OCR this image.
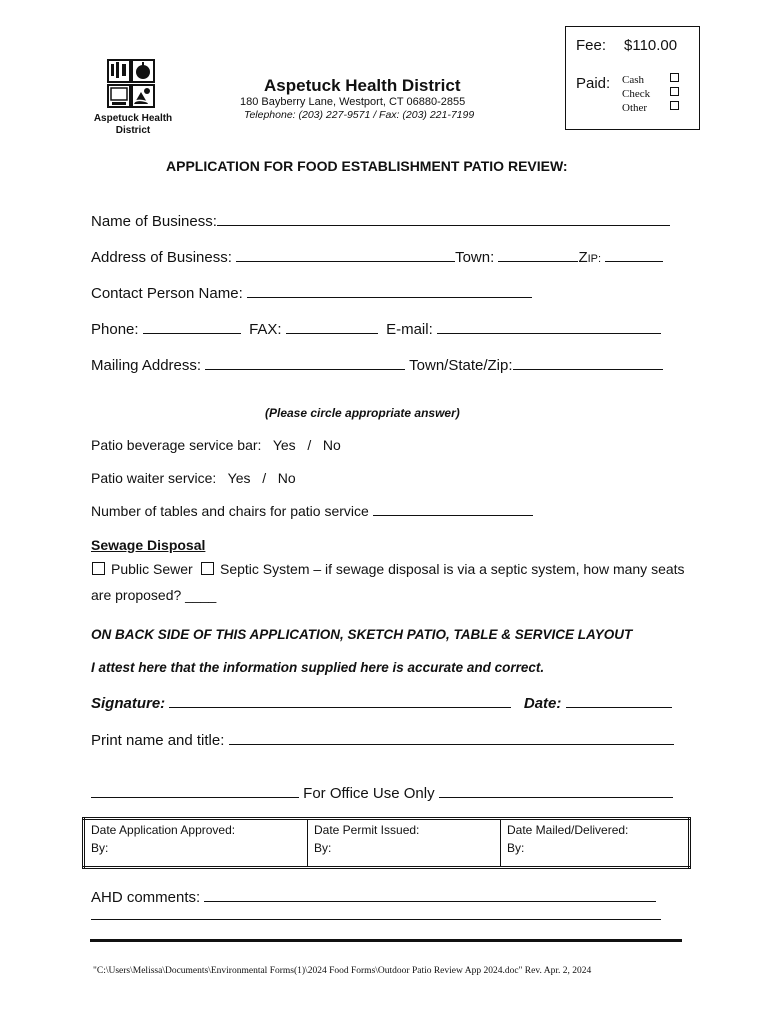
Fee: $110.00
Paid: Cash
Check
Other
Aspetuck Health District
Aspetuck Health District
180 Bayberry Lane, Westport, CT 06880-2855
Telephone: (203) 227-9571 / Fax: (203) 221-7199
APPLICATION FOR FOOD ESTABLISHMENT PATIO REVIEW:
Name of Business:
Address of Business:	Town:	ZIP:
Contact Person Name:
Phone:	FAX:	E-mail:
Mailing Address:	Town/State/Zip:
(Please circle appropriate answer)
Patio beverage service bar:   Yes   /   No
Patio waiter service:   Yes   /   No
Number of tables and chairs for patio service
Sewage Disposal
Public Sewer Septic System – if sewage disposal is via a septic system, how many seats
are proposed? ____
ON BACK SIDE OF THIS APPLICATION, SKETCH PATIO, TABLE & SERVICE LAYOUT
I attest here that the information supplied here is accurate and correct.
Signature:	Date:
Print name and title:
For Office Use Only
Date Application Approved:
By:

Date Permit Issued:
By:

Date Mailed/Delivered:
By:
AHD comments:
"C:\Users\Melissa\Documents\Environmental Forms(1)\2024 Food Forms\Outdoor Patio Review App 2024.doc" Rev. Apr. 2, 2024
